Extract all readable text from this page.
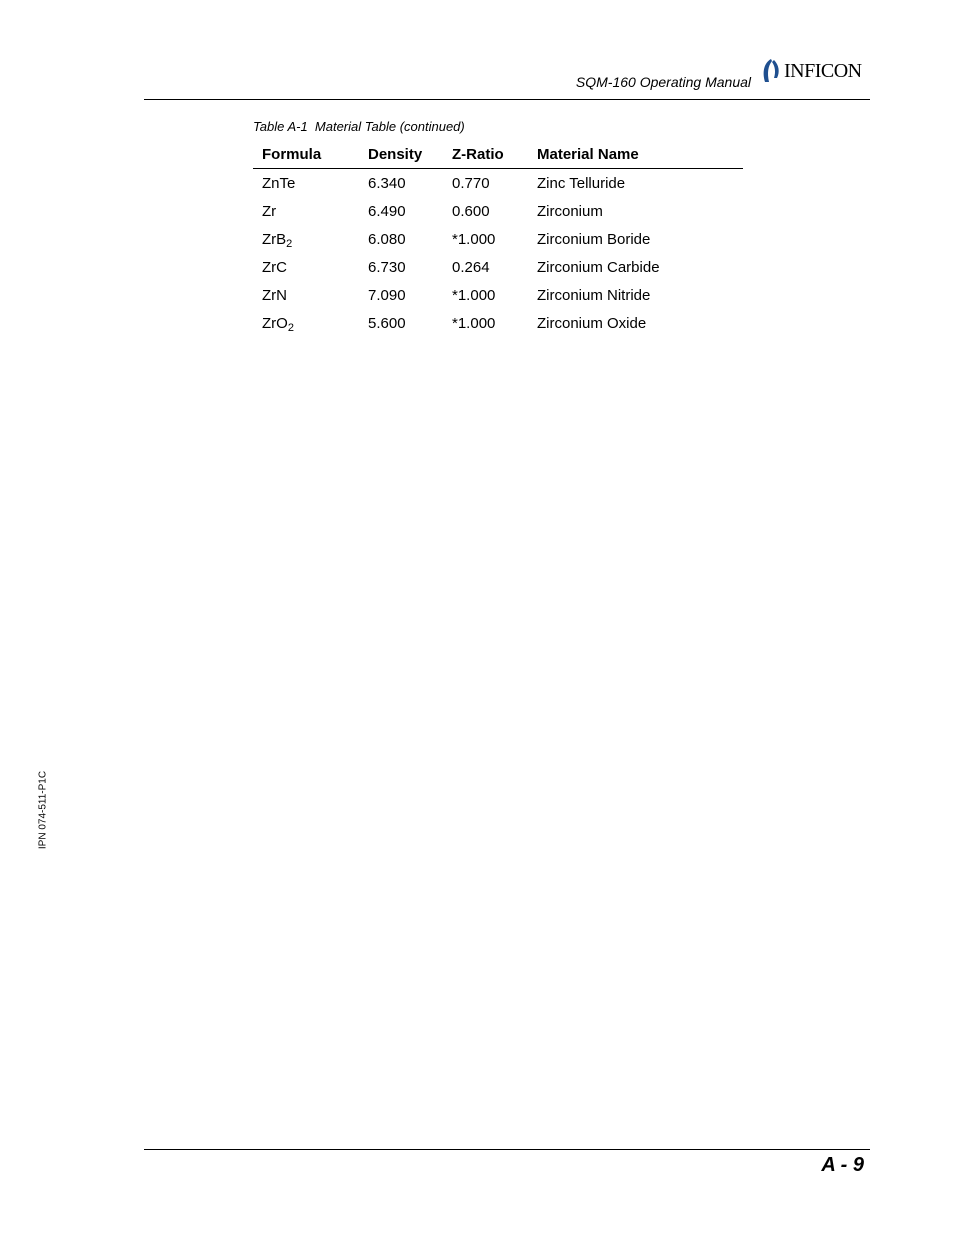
SQM-160 Operating Manual INFICON
Table A-1  Material Table (continued)
Formula	Density	Z-Ratio	Material Name
ZnTe	6.340	0.770	Zinc Telluride
Zr	6.490	0.600	Zirconium
ZrB$_2$	6.080	*1.000	Zirconium Boride
ZrC	6.730	0.264	Zirconium Carbide
ZrN	7.090	*1.000	Zirconium Nitride
ZrO$_2$	5.600	*1.000	Zirconium Oxide
IPN 074-511-P1C
A - 9
